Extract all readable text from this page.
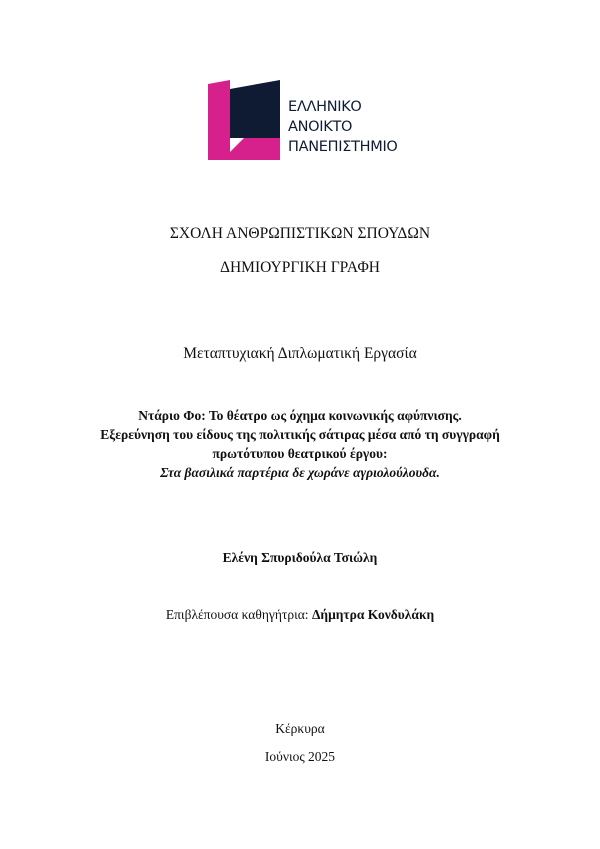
ΕΛΛΗΝΙΚΟ
ΑΝΟΙΚΤΟ
ΠΑΝΕΠΙΣΤΗΜΙΟ
ΣΧΟΛΗ ΑΝΘΡΩΠΙΣΤΙΚΩΝ ΣΠΟΥΔΩΝ
ΔΗΜΙΟΥΡΓΙΚΗ ΓΡΑΦΗ
Μεταπτυχιακή Διπλωματική Εργασία
Ντάριο Φο: Το θέατρο ως όχημα κοινωνικής αφύπνισης.
Εξερεύνηση του είδους της πολιτικής σάτιρας μέσα από τη συγγραφή
πρωτότυπου θεατρικού έργου:
Στα βασιλικά παρτέρια δε χωράνε αγριολούλουδα.
Ελένη Σπυριδούλα Τσιώλη
Επιβλέπουσα καθηγήτρια: Δήμητρα Κονδυλάκη
Κέρκυρα
Ιούνιος 2025
